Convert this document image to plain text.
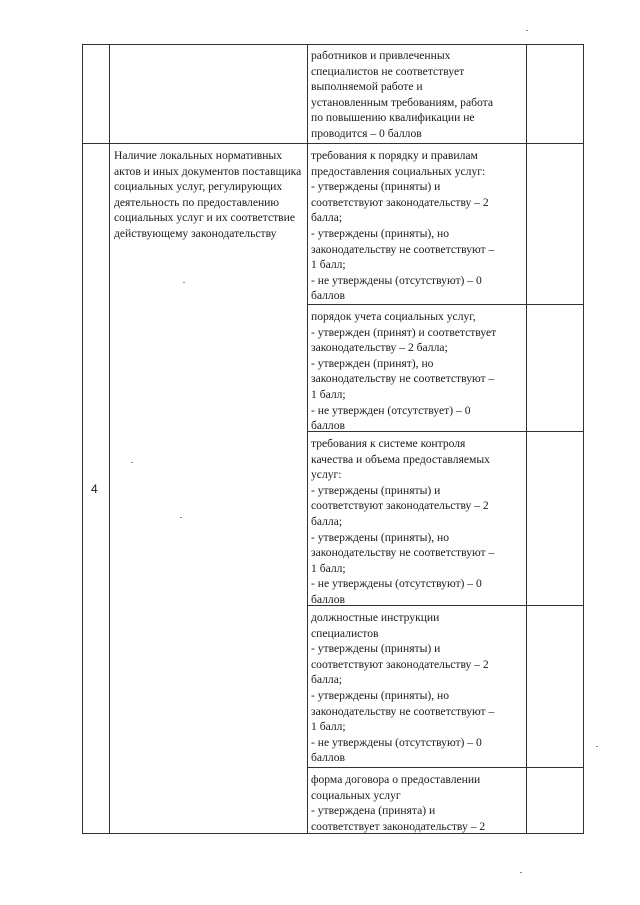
4
Наличие локальных нормативных актов и иных документов поставщика социальных услуг, регулирующих деятельность по предоставлению социальных услуг и их соответствие действующему законодательству
работников и привлеченных
специалистов не соответствует
выполняемой работе и
установленным требованиям, работа
по повышению квалификации не
проводится – 0 баллов
требования к порядку и правилам
предоставления социальных услуг:
- утверждены (приняты) и
соответствуют законодательству – 2
балла;
- утверждены (приняты), но
законодательству не соответствуют –
1 балл;
- не утверждены (отсутствуют) – 0
баллов
порядок учета социальных услуг,
- утвержден (принят) и соответствует
законодательству – 2 балла;
- утвержден (принят), но
законодательству не соответствуют –
1 балл;
- не утвержден (отсутствует) – 0
баллов
требования к системе контроля
качества и объема предоставляемых
услуг:
- утверждены (приняты) и
соответствуют законодательству – 2
балла;
- утверждены (приняты), но
законодательству не соответствуют –
1 балл;
- не утверждены (отсутствуют) – 0
баллов
должностные инструкции
специалистов
- утверждены (приняты) и
соответствуют законодательству – 2
балла;
- утверждены (приняты), но
законодательству не соответствуют –
1 балл;
- не утверждены (отсутствуют) – 0
баллов
форма договора о предоставлении
социальных услуг
- утверждена (принята) и
соответствует законодательству – 2
